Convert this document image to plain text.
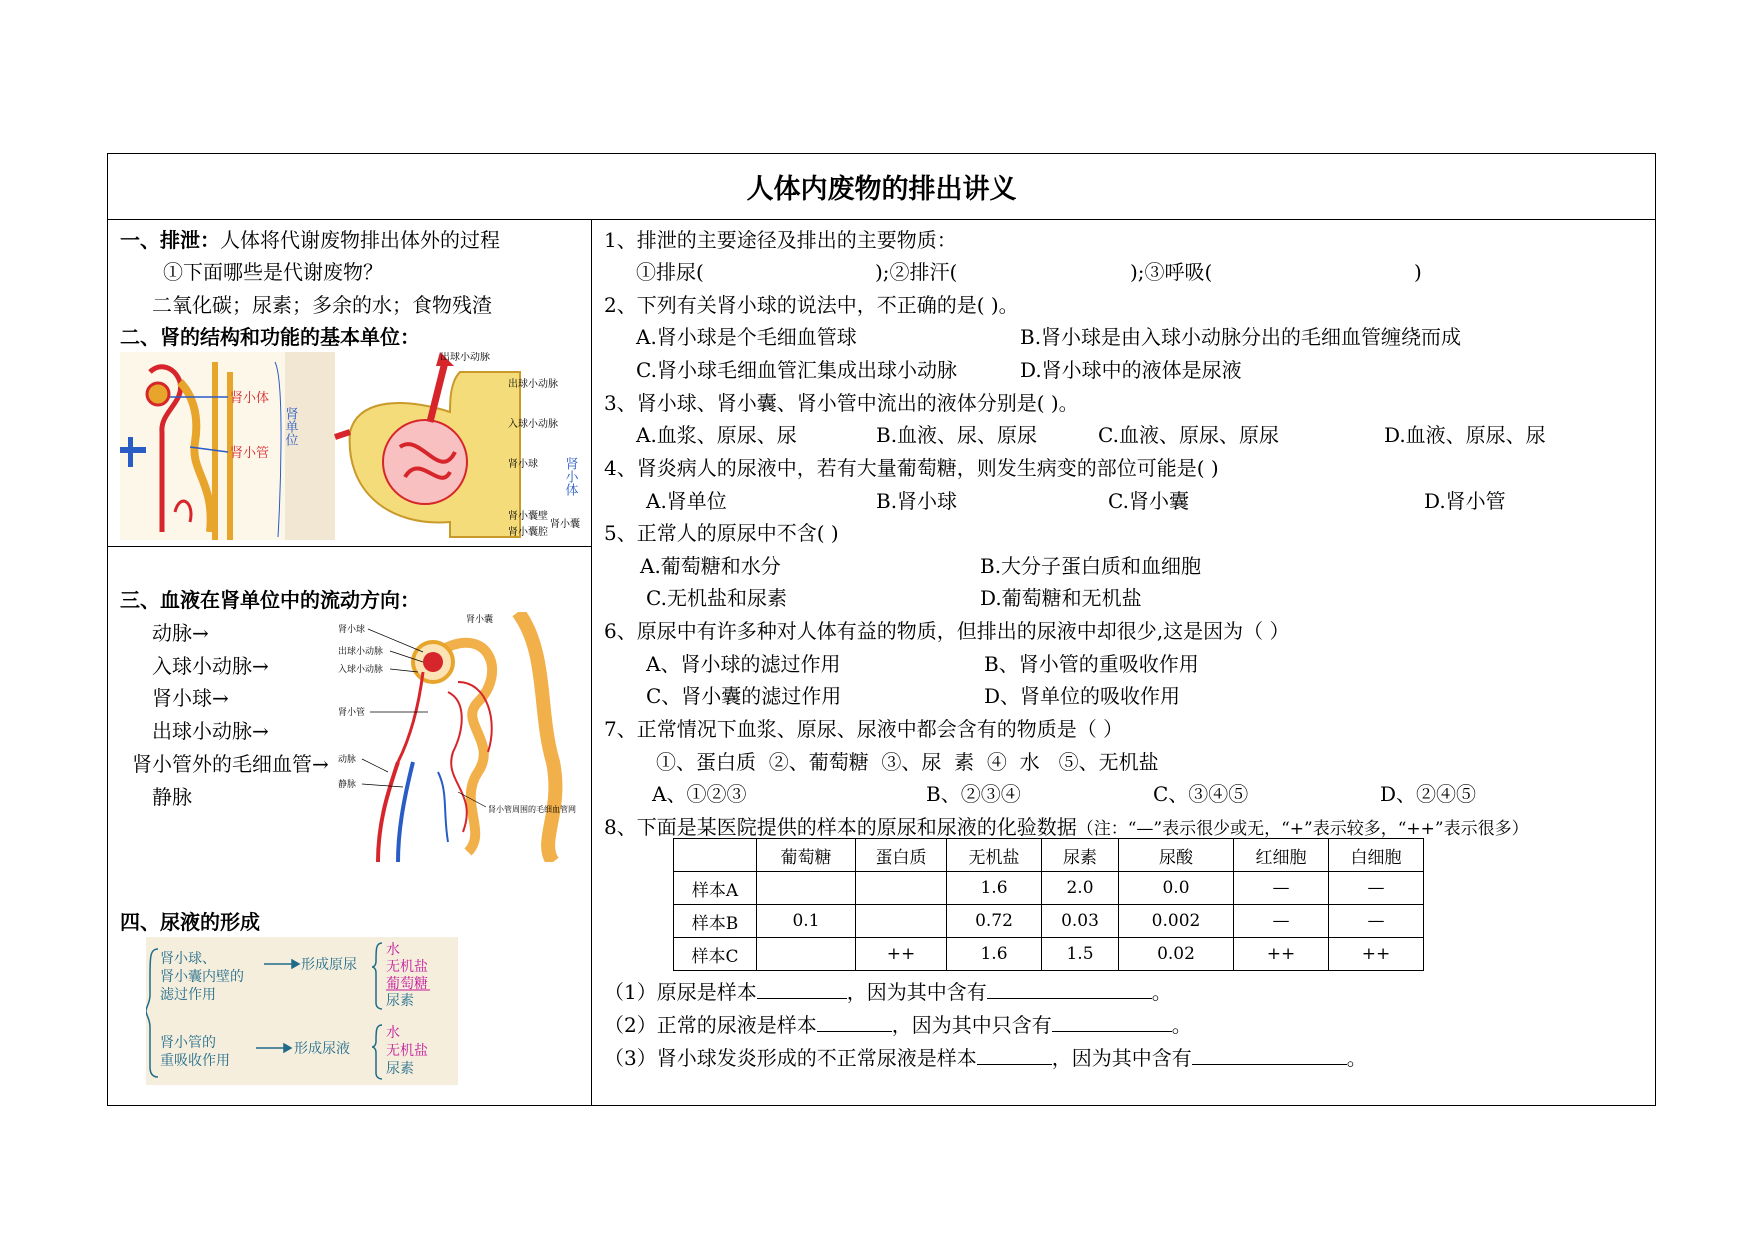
人体内废物的排出讲义
一、排泄：人体将代谢废物排出体外的过程
①下面哪些是代谢废物？
二氧化碳；尿素；多余的水；食物残渣
二、肾的结构和功能的基本单位：
肾小体
肾小管
肾单位
出球小动脉
出球小动脉
入球小动脉
肾小球
肾小囊壁
肾小囊腔
肾小囊
肾小体
三、血液在肾单位中的流动方向：
动脉→
入球小动脉→
肾小球→
出球小动脉→
肾小管外的毛细血管→
静脉
肾小囊
肾小球
出球小动脉
入球小动脉
肾小管
动脉
静脉
肾小管周围的毛细血管网
四、尿液的形成
肾小球、
肾小囊内壁的
滤过作用
形成原尿
肾小管的
重吸收作用
形成尿液
水
无机盐
葡萄糖
尿素
水
无机盐
尿素
1、排泄的主要途径及排出的主要物质：
①排尿(	);②排汗(	);③呼吸(	)
2、下列有关肾小球的说法中，不正确的是( )。
A.肾小球是个毛细血管球	B.肾小球是由入球小动脉分出的毛细血管缠绕而成
C.肾小球毛细血管汇集成出球小动脉	D.肾小球中的液体是尿液
3、肾小球、肾小囊、肾小管中流出的液体分别是( )。
A.血浆、原尿、尿	B.血液、尿、原尿	C.血液、原尿、原尿	D.血液、原尿、尿
4、肾炎病人的尿液中，若有大量葡萄糖，则发生病变的部位可能是( )
A.肾单位	B.肾小球	C.肾小囊	D.肾小管
5、正常人的原尿中不含( )
A.葡萄糖和水分	B.大分子蛋白质和血细胞
C.无机盐和尿素	D.葡萄糖和无机盐
6、原尿中有许多种对人体有益的物质，但排出的尿液中却很少,这是因为（ ）
A、肾小球的滤过作用	B、肾小管的重吸收作用
C、肾小囊的滤过作用	D、肾单位的吸收作用
7、正常情况下血浆、原尿、尿液中都会含有的物质是（ ）
①、蛋白质  ②、葡萄糖  ③、尿  素  ④  水   ⑤、无机盐
A、①②③	B、②③④	C、③④⑤	D、②④⑤
8、下面是某医院提供的样本的原尿和尿液的化验数据（注：“—”表示很少或无，“+”表示较多，“++”表示很多）
	葡萄糖	蛋白质	无机盐	尿素	尿酸	红细胞	白细胞
样本A			1.6	2.0	0.0	—	—
样本B	0.1		0.72	0.03	0.002	—	—
样本C		++	1.6	1.5	0.02	++	++
（1）原尿是样本	，因为其中含有	。
（2）正常的尿液是样本	，因为其中只含有	。
（3）肾小球发炎形成的不正常尿液是样本	，因为其中含有	。
